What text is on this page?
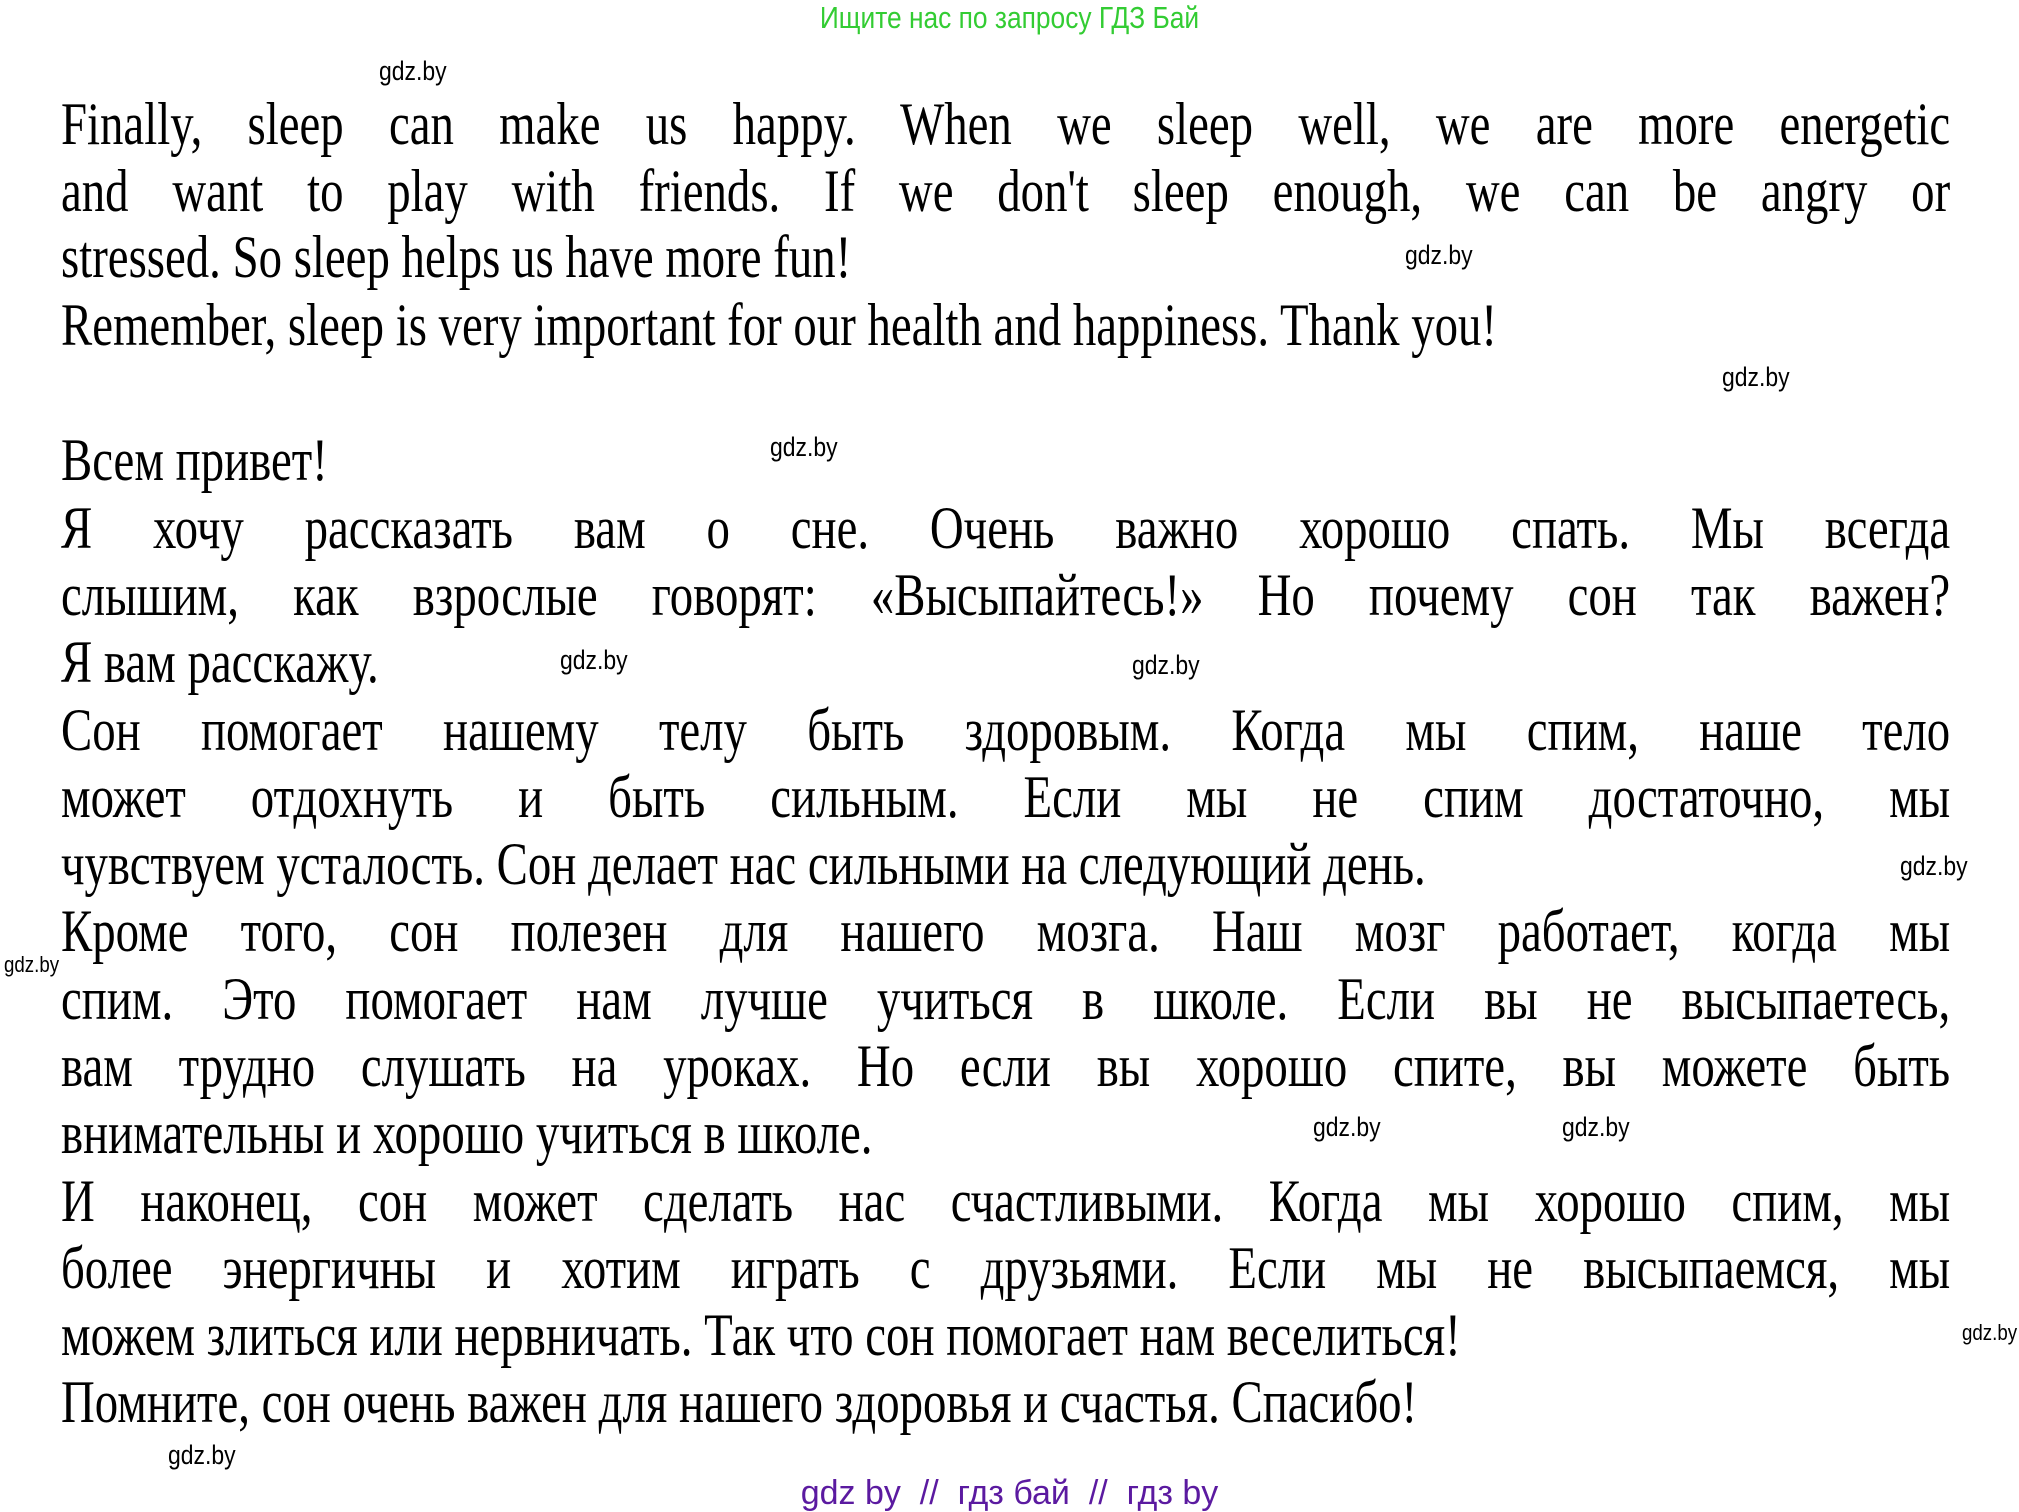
Ищите нас по запросу ГДЗ Бай
Finally, sleep can make us happy. When we sleep well, we are more energetic
and want to play with friends. If we don't sleep enough, we can be angry or
stressed. So sleep helps us have more fun!
Remember, sleep is very important for our health and happiness. Thank you!
Всем привет!
Я хочу рассказать вам о сне. Очень важно хорошо спать. Мы всегда
слышим, как взрослые говорят: «Высыпайтесь!» Но почему сон так важен?
Я вам расскажу.
Сон помогает нашему телу быть здоровым. Когда мы спим, наше тело
может отдохнуть и быть сильным. Если мы не спим достаточно, мы
чувствуем усталость. Сон делает нас сильными на следующий день.
Кроме того, сон полезен для нашего мозга. Наш мозг работает, когда мы
спим. Это помогает нам лучше учиться в школе. Если вы не высыпаетесь,
вам трудно слушать на уроках. Но если вы хорошо спите, вы можете быть
внимательны и хорошо учиться в школе.
И наконец, сон может сделать нас счастливыми. Когда мы хорошо спим, мы
более энергичны и хотим играть с друзьями. Если мы не высыпаемся, мы
можем злиться или нервничать. Так что сон помогает нам веселиться!
Помните, сон очень важен для нашего здоровья и счастья. Спасибо!
gdz.by
gdz.by
gdz.by
gdz.by
gdz.by	gdz.by
gdz.by
gdz.by
gdz.by
gdz.by
gdz.by
gdz.by
gdz by  //  гдз бай  //  гдз by
